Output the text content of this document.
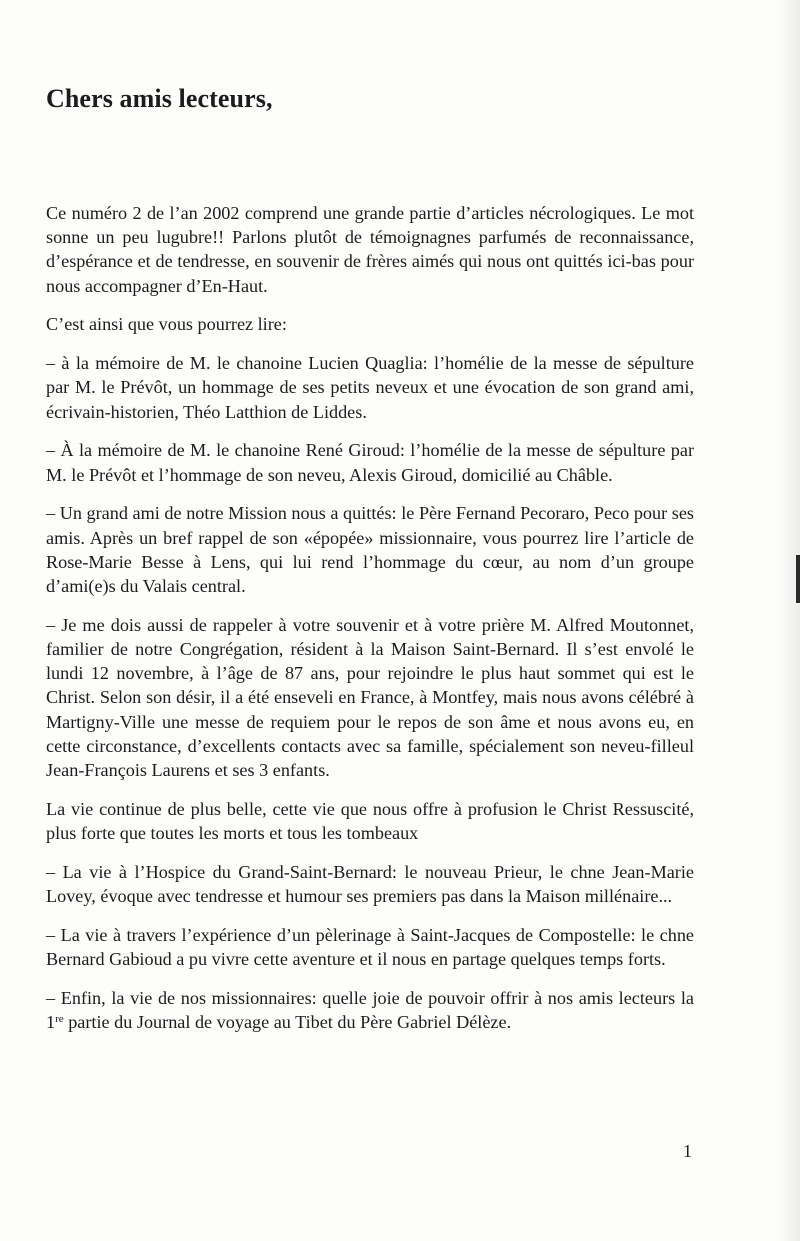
Chers amis lecteurs,

Ce numéro 2 de l’an 2002 comprend une grande partie d’articles nécrologiques. Le mot sonne un peu lugubre!! Parlons plutôt de témoignagnes parfumés de reconnaissance, d’espérance et de tendresse, en souvenir de frères aimés qui nous ont quittés ici-bas pour nous accompagner d’En-Haut.

C’est ainsi que vous pourrez lire:

– à la mémoire de M. le chanoine Lucien Quaglia: l’homélie de la messe de sépulture par M. le Prévôt, un hommage de ses petits neveux et une évocation de son grand ami, écrivain-historien, Théo Latthion de Liddes.

– À la mémoire de M. le chanoine René Giroud: l’homélie de la messe de sépulture par M. le Prévôt et l’hommage de son neveu, Alexis Giroud, domicilié au Châble.

– Un grand ami de notre Mission nous a quittés: le Père Fernand Pecoraro, Peco pour ses amis. Après un bref rappel de son «épopée» missionnaire, vous pourrez lire l’article de Rose-Marie Besse à Lens, qui lui rend l’hommage du cœur, au nom d’un groupe d’ami(e)s du Valais central.

– Je me dois aussi de rappeler à votre souvenir et à votre prière M. Alfred Moutonnet, familier de notre Congrégation, résident à la Maison Saint-Bernard. Il s’est envolé le lundi 12 novembre, à l’âge de 87 ans, pour rejoindre le plus haut sommet qui est le Christ. Selon son désir, il a été enseveli en France, à Montfey, mais nous avons célébré à Martigny-Ville une messe de requiem pour le repos de son âme et nous avons eu, en cette circonstance, d’excellents contacts avec sa famille, spécialement son neveu-filleul Jean-François Laurens et ses 3 enfants.

La vie continue de plus belle, cette vie que nous offre à profusion le Christ Ressuscité, plus forte que toutes les morts et tous les tombeaux

– La vie à l’Hospice du Grand-Saint-Bernard: le nouveau Prieur, le chne Jean-Marie Lovey, évoque avec tendresse et humour ses premiers pas dans la Maison millénaire...

– La vie à travers l’expérience d’un pèlerinage à Saint-Jacques de Compostelle: le chne Bernard Gabioud a pu vivre cette aventure et il nous en partage quelques temps forts.

– Enfin, la vie de nos missionnaires: quelle joie de pouvoir offrir à nos amis lecteurs la 1re partie du Journal de voyage au Tibet du Père Gabriel Délèze.

1
